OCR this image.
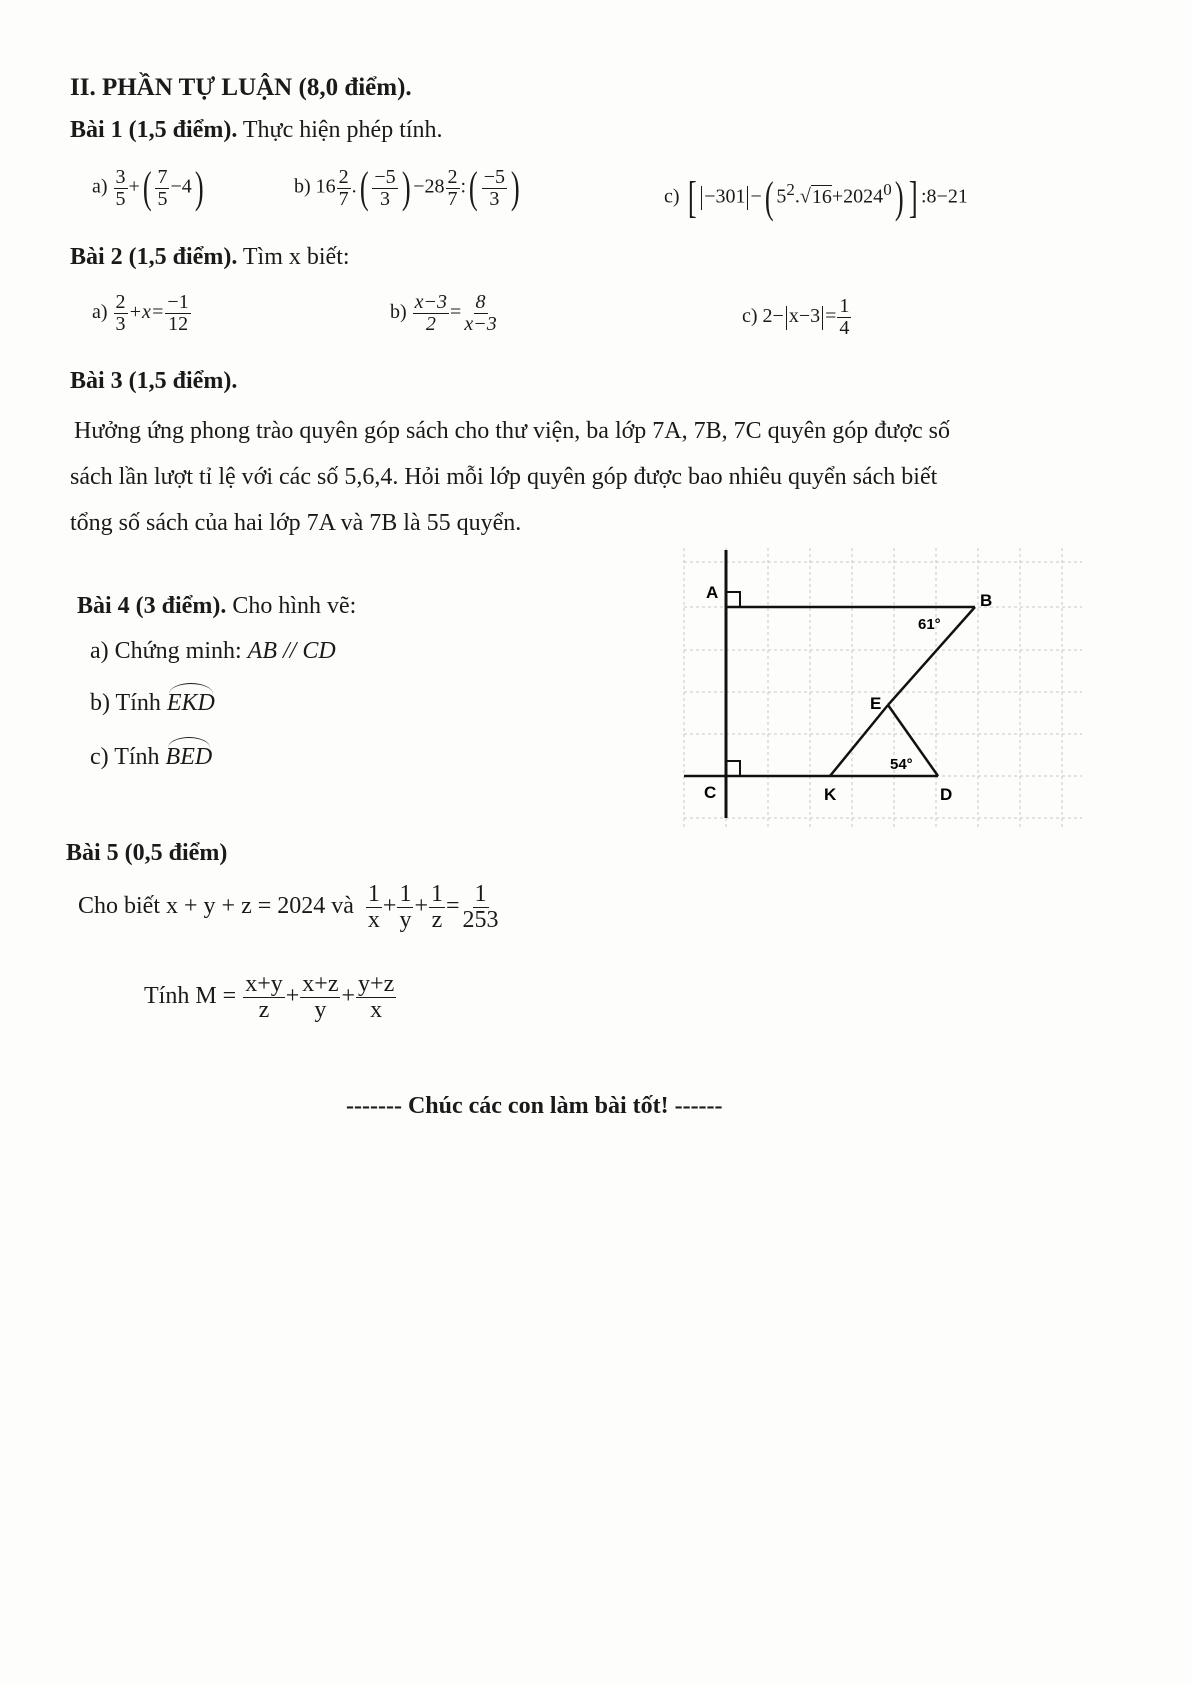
II. PHẦN TỰ LUẬN (8,0 điểm).
Bài 1 (1,5 điểm). Thực hiện phép tính.
$a) \frac{3}{5}$ +( $\frac{7}{5} -4$)	b) $16 \frac{2}{7}$ .( $\frac{-5}{3}$ ) $-28 \frac{2}{7}$ :( $\frac{-5}{3}$ )	c) [ −301 −( $5^2.√16+2024^0$) ] :8−21
Bài 2 (1,5 điểm). Tìm x biết:
$a) \frac{2}{3} +x= \frac{-1}{12}$	$b) \frac{x-3}{2} = \frac{8}{x-3}$	c) $2- x-3 = \frac{1}{4}$
Bài 3 (1,5 điểm).
Hưởng ứng phong trào quyên góp sách cho thư viện, ba lớp 7A, 7B, 7C quyên góp được số
sách lần lượt tỉ lệ với các số 5,6,4. Hỏi mỗi lớp quyên góp được bao nhiêu quyển sách biết
tổng số sách của hai lớp 7A và 7B là 55 quyển.
Bài 4 (3 điểm). Cho hình vẽ:
a) Chứng minh: AB // CD
b) Tính EKD
c) Tính BED
A	B
C	D
E
K
61°
54°
Bài 5 (0,5 điểm)
Cho biết x + y + z = 2024 và $\frac{1}{x} + \frac{1}{y} + \frac{1}{z} = \frac{1}{253}$
Tính $M = \frac{x+y}{z} + \frac{x+z}{y} + \frac{y+z}{x}$
------- Chúc các con làm bài tốt! ------
